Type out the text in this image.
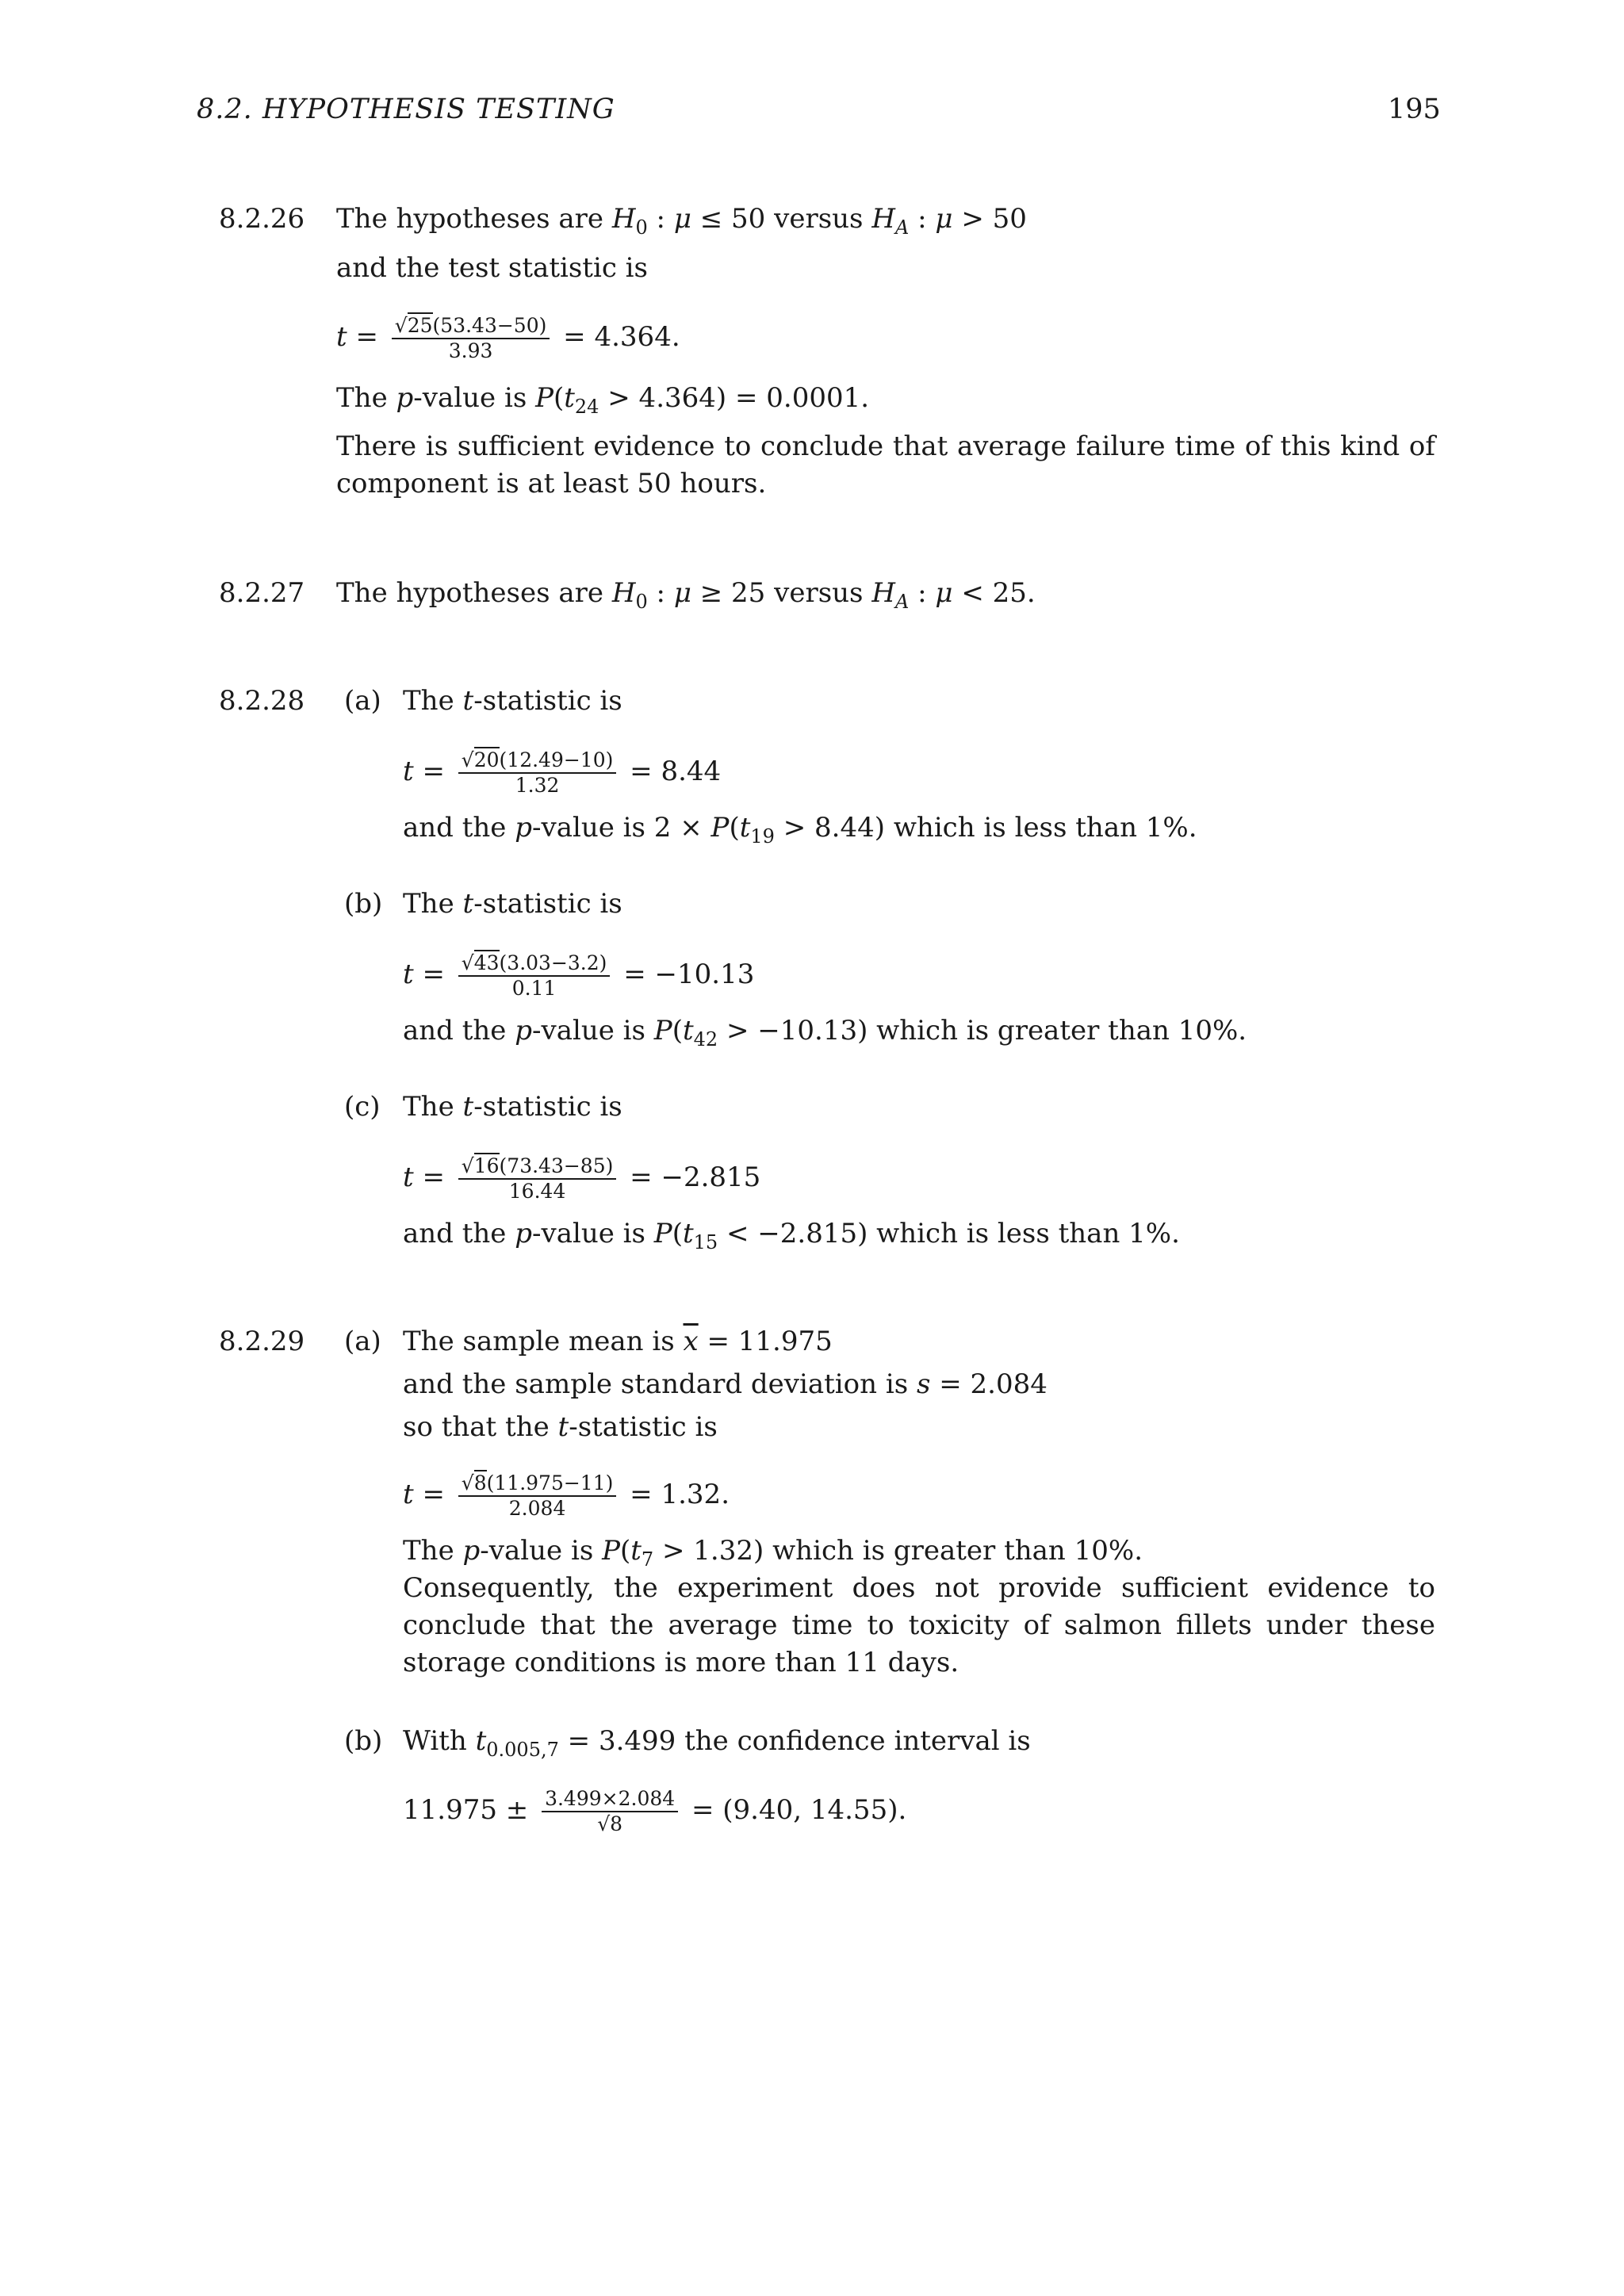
8.2. HYPOTHESIS TESTING	195
8.2.26 The hypotheses are $H_0$ : μ ≤ 50 versus $H_A$ : μ > 50
and the test statistic is
$t = \frac{√25(53.43-50)}{3.93} = 4.364$.
The p-value is $P(t_{24} > 4.364) = 0.0001$.
There is sufficient evidence to conclude that average failure time of this kind of component is at least 50 hours.
8.2.27 The hypotheses are $H_0$ : μ ≥ 25 versus $H_A$ : μ < 25.
8.2.28 (a) The t-statistic is
$t = \frac{√20(12.49-10)}{1.32} = 8.44$
and the p-value is $2 \times P(t_{19} > 8.44)$ which is less than 1%.
(b) The t-statistic is
$t = \frac{√43(3.03-3.2)}{0.11} = -10.13$
and the p-value is $P(t_{42} > -10.13)$ which is greater than 10%.
(c) The t-statistic is
$t = \frac{√16(73.43-85)}{16.44} = -2.815$
and the p-value is $P(t_{15} < -2.815)$ which is less than 1%.
8.2.29 (a) The sample mean is $\overline{x} = 11.975$
and the sample standard deviation is s = 2.084
so that the t-statistic is
$t = \frac{√8(11.975-11)}{2.084} = 1.32$.
The p-value is $P(t_7 > 1.32)$ which is greater than 10%.
Consequently, the experiment does not provide sufficient evidence to conclude that the average time to toxicity of salmon fillets under these storage conditions is more than 11 days.
(b) With $t_{0.005,7} = 3.499$ the confidence interval is
$11.975 \pm \frac{3.499\times 2.084}{√8} = (9.40$, 14.55).
